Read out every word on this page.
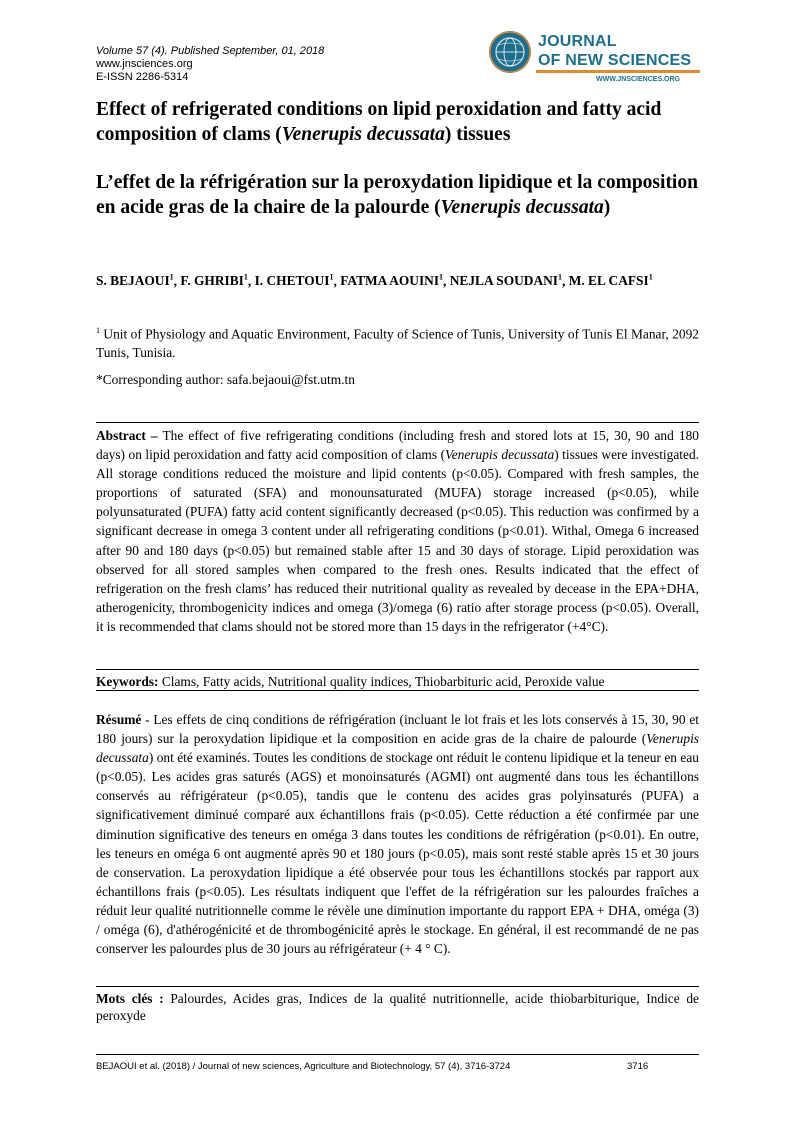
Volume 57 (4). Published September, 01, 2018
www.jnsciences.org
E-ISSN 2286-5314
JOURNAL
OF NEW SCIENCES
WWW.JNSCIENCES.ORG
Effect of refrigerated conditions on lipid peroxidation and fatty acid composition of clams (Venerupis decussata) tissues
L’effet de la réfrigération sur la peroxydation lipidique et la composition en acide gras de la chaire de la palourde (Venerupis decussata)
S. BEJAOUI$^1$, F. GHRIBI$^1$, I. CHETOUI$^1$, FATMA AOUINI$^1$, NEJLA SOUDANI$^1$, M. EL CAFSI$^1$
$^1$ Unit of Physiology and Aquatic Environment, Faculty of Science of Tunis, University of Tunis El Manar, 2092 Tunis, Tunisia.
*Corresponding author: safa.bejaoui@fst.utm.tn
Abstract – The effect of five refrigerating conditions (including fresh and stored lots at 15, 30, 90 and 180 days) on lipid peroxidation and fatty acid composition of clams (Venerupis decussata) tissues were investigated. All storage conditions reduced the moisture and lipid contents (p<0.05). Compared with fresh samples, the proportions of saturated (SFA) and monounsaturated (MUFA) storage increased (p<0.05), while polyunsaturated (PUFA) fatty acid content significantly decreased (p<0.05). This reduction was confirmed by a significant decrease in omega 3 content under all refrigerating conditions (p<0.01). Withal, Omega 6 increased after 90 and 180 days (p<0.05) but remained stable after 15 and 30 days of storage. Lipid peroxidation was observed for all stored samples when compared to the fresh ones. Results indicated that the effect of refrigeration on the fresh clams’ has reduced their nutritional quality as revealed by decease in the EPA+DHA, atherogenicity, thrombogenicity indices and omega (3)/omega (6) ratio after storage process (p<0.05). Overall, it is recommended that clams should not be stored more than 15 days in the refrigerator (+4°C).
Keywords: Clams, Fatty acids, Nutritional quality indices, Thiobarbituric acid, Peroxide value
Résumé - Les effets de cinq conditions de réfrigération (incluant le lot frais et les lots conservés à 15, 30, 90 et 180 jours) sur la peroxydation lipidique et la composition en acide gras de la chaire de palourde (Venerupis decussata) ont été examinés. Toutes les conditions de stockage ont réduit le contenu lipidique et la teneur en eau (p<0.05). Les acides gras saturés (AGS) et monoinsaturés (AGMI) ont augmenté dans tous les échantillons conservés au réfrigérateur (p<0.05), tandis que le contenu des acides gras polyinsaturés (PUFA) a significativement diminué comparé aux échantillons frais (p<0.05). Cette réduction a été confirmée par une diminution significative des teneurs en oméga 3 dans toutes les conditions de réfrigération (p<0.01). En outre, les teneurs en oméga 6 ont augmenté après 90 et 180 jours (p<0.05), mais sont resté stable après 15 et 30 jours de conservation. La peroxydation lipidique a été observée pour tous les échantillons stockés par rapport aux échantillons frais (p<0.05). Les résultats indiquent que l'effet de la réfrigération sur les palourdes fraîches a réduit leur qualité nutritionnelle comme le révèle une diminution importante du rapport EPA + DHA, oméga (3) / oméga (6), d'athérogénicité et de thrombogénicité après le stockage. En général, il est recommandé de ne pas conserver les palourdes plus de 30 jours au réfrigérateur (+ 4 ° C).
Mots clés : Palourdes, Acides gras, Indices de la qualité nutritionnelle, acide thiobarbiturique, Indice de peroxyde
BEJAOUI et al. (2018) / Journal of new sciences, Agriculture and Biotechnology, 57 (4), 3716-3724	3716
